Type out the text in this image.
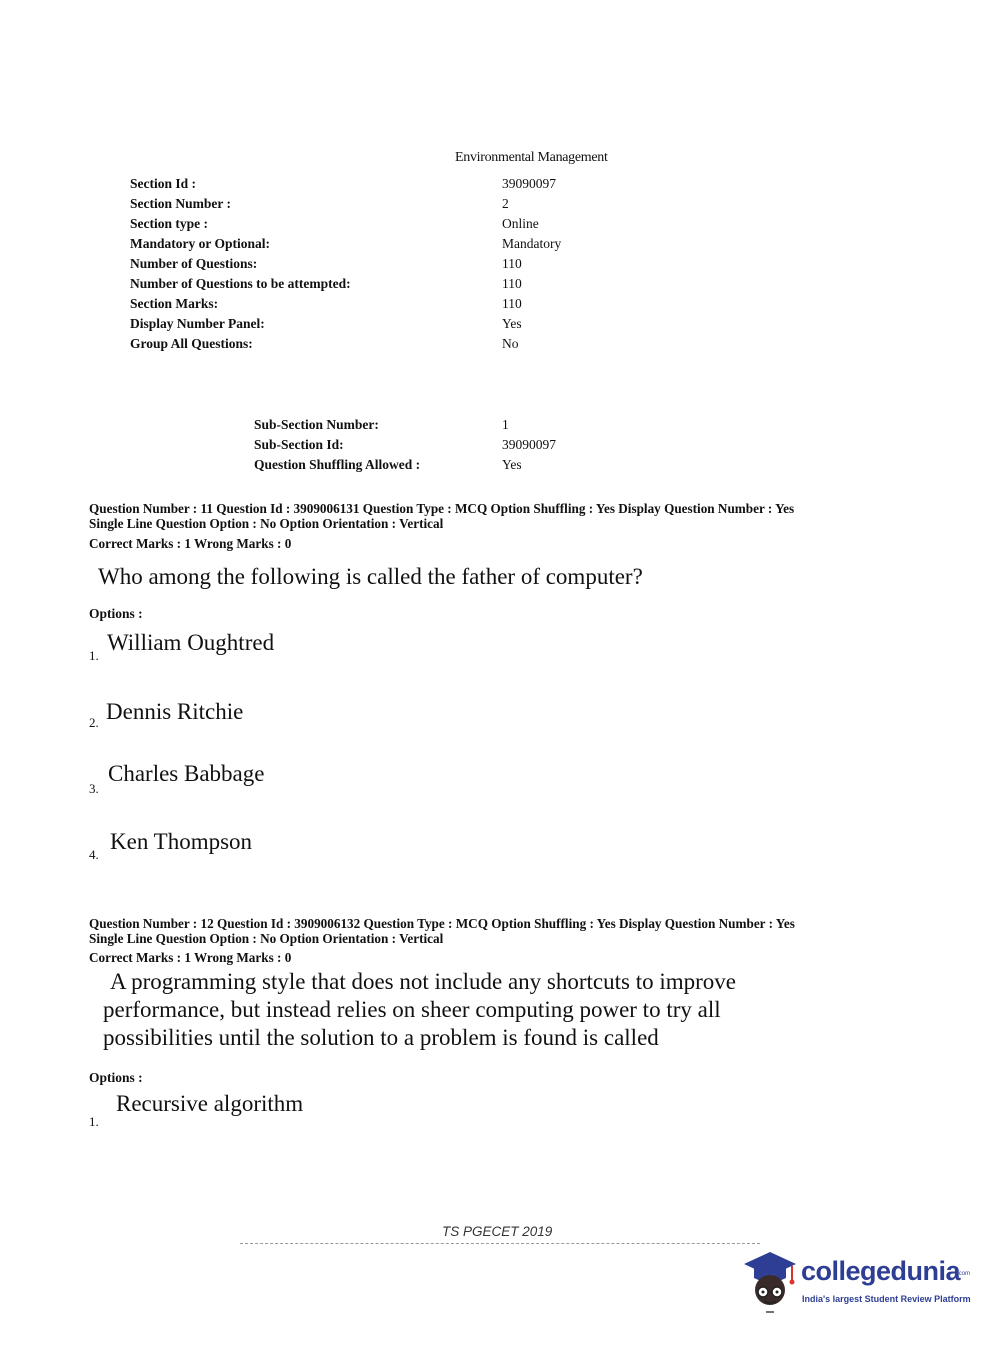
Environmental Management
Section Id :	39090097
Section Number :	2
Section type :	Online
Mandatory or Optional:	Mandatory
Number of Questions:	110
Number of Questions to be attempted:	110
Section Marks:	110
Display Number Panel:	Yes
Group All Questions:	No
Sub-Section Number:	1
Sub-Section Id:	39090097
Question Shuffling Allowed :	Yes
Question Number : 11 Question Id : 3909006131 Question Type : MCQ Option Shuffling : Yes Display Question Number : Yes
Single Line Question Option : No Option Orientation : Vertical
Correct Marks : 1 Wrong Marks : 0
Who among the following is called the father of computer?
Options :
1.
William Oughtred
2. Dennis Ritchie
3.
Charles Babbage
4.
Ken Thompson
Question Number : 12 Question Id : 3909006132 Question Type : MCQ Option Shuffling : Yes Display Question Number : Yes
Single Line Question Option : No Option Orientation : Vertical
Correct Marks : 1 Wrong Marks : 0
A programming style that does not include any shortcuts to improve
performance, but instead relies on sheer computing power to try all
possibilities until the solution to a problem is found is called
Options :
1.
Recursive algorithm
TS PGECET 2019
collegedunia
.com
India's largest Student Review Platform
